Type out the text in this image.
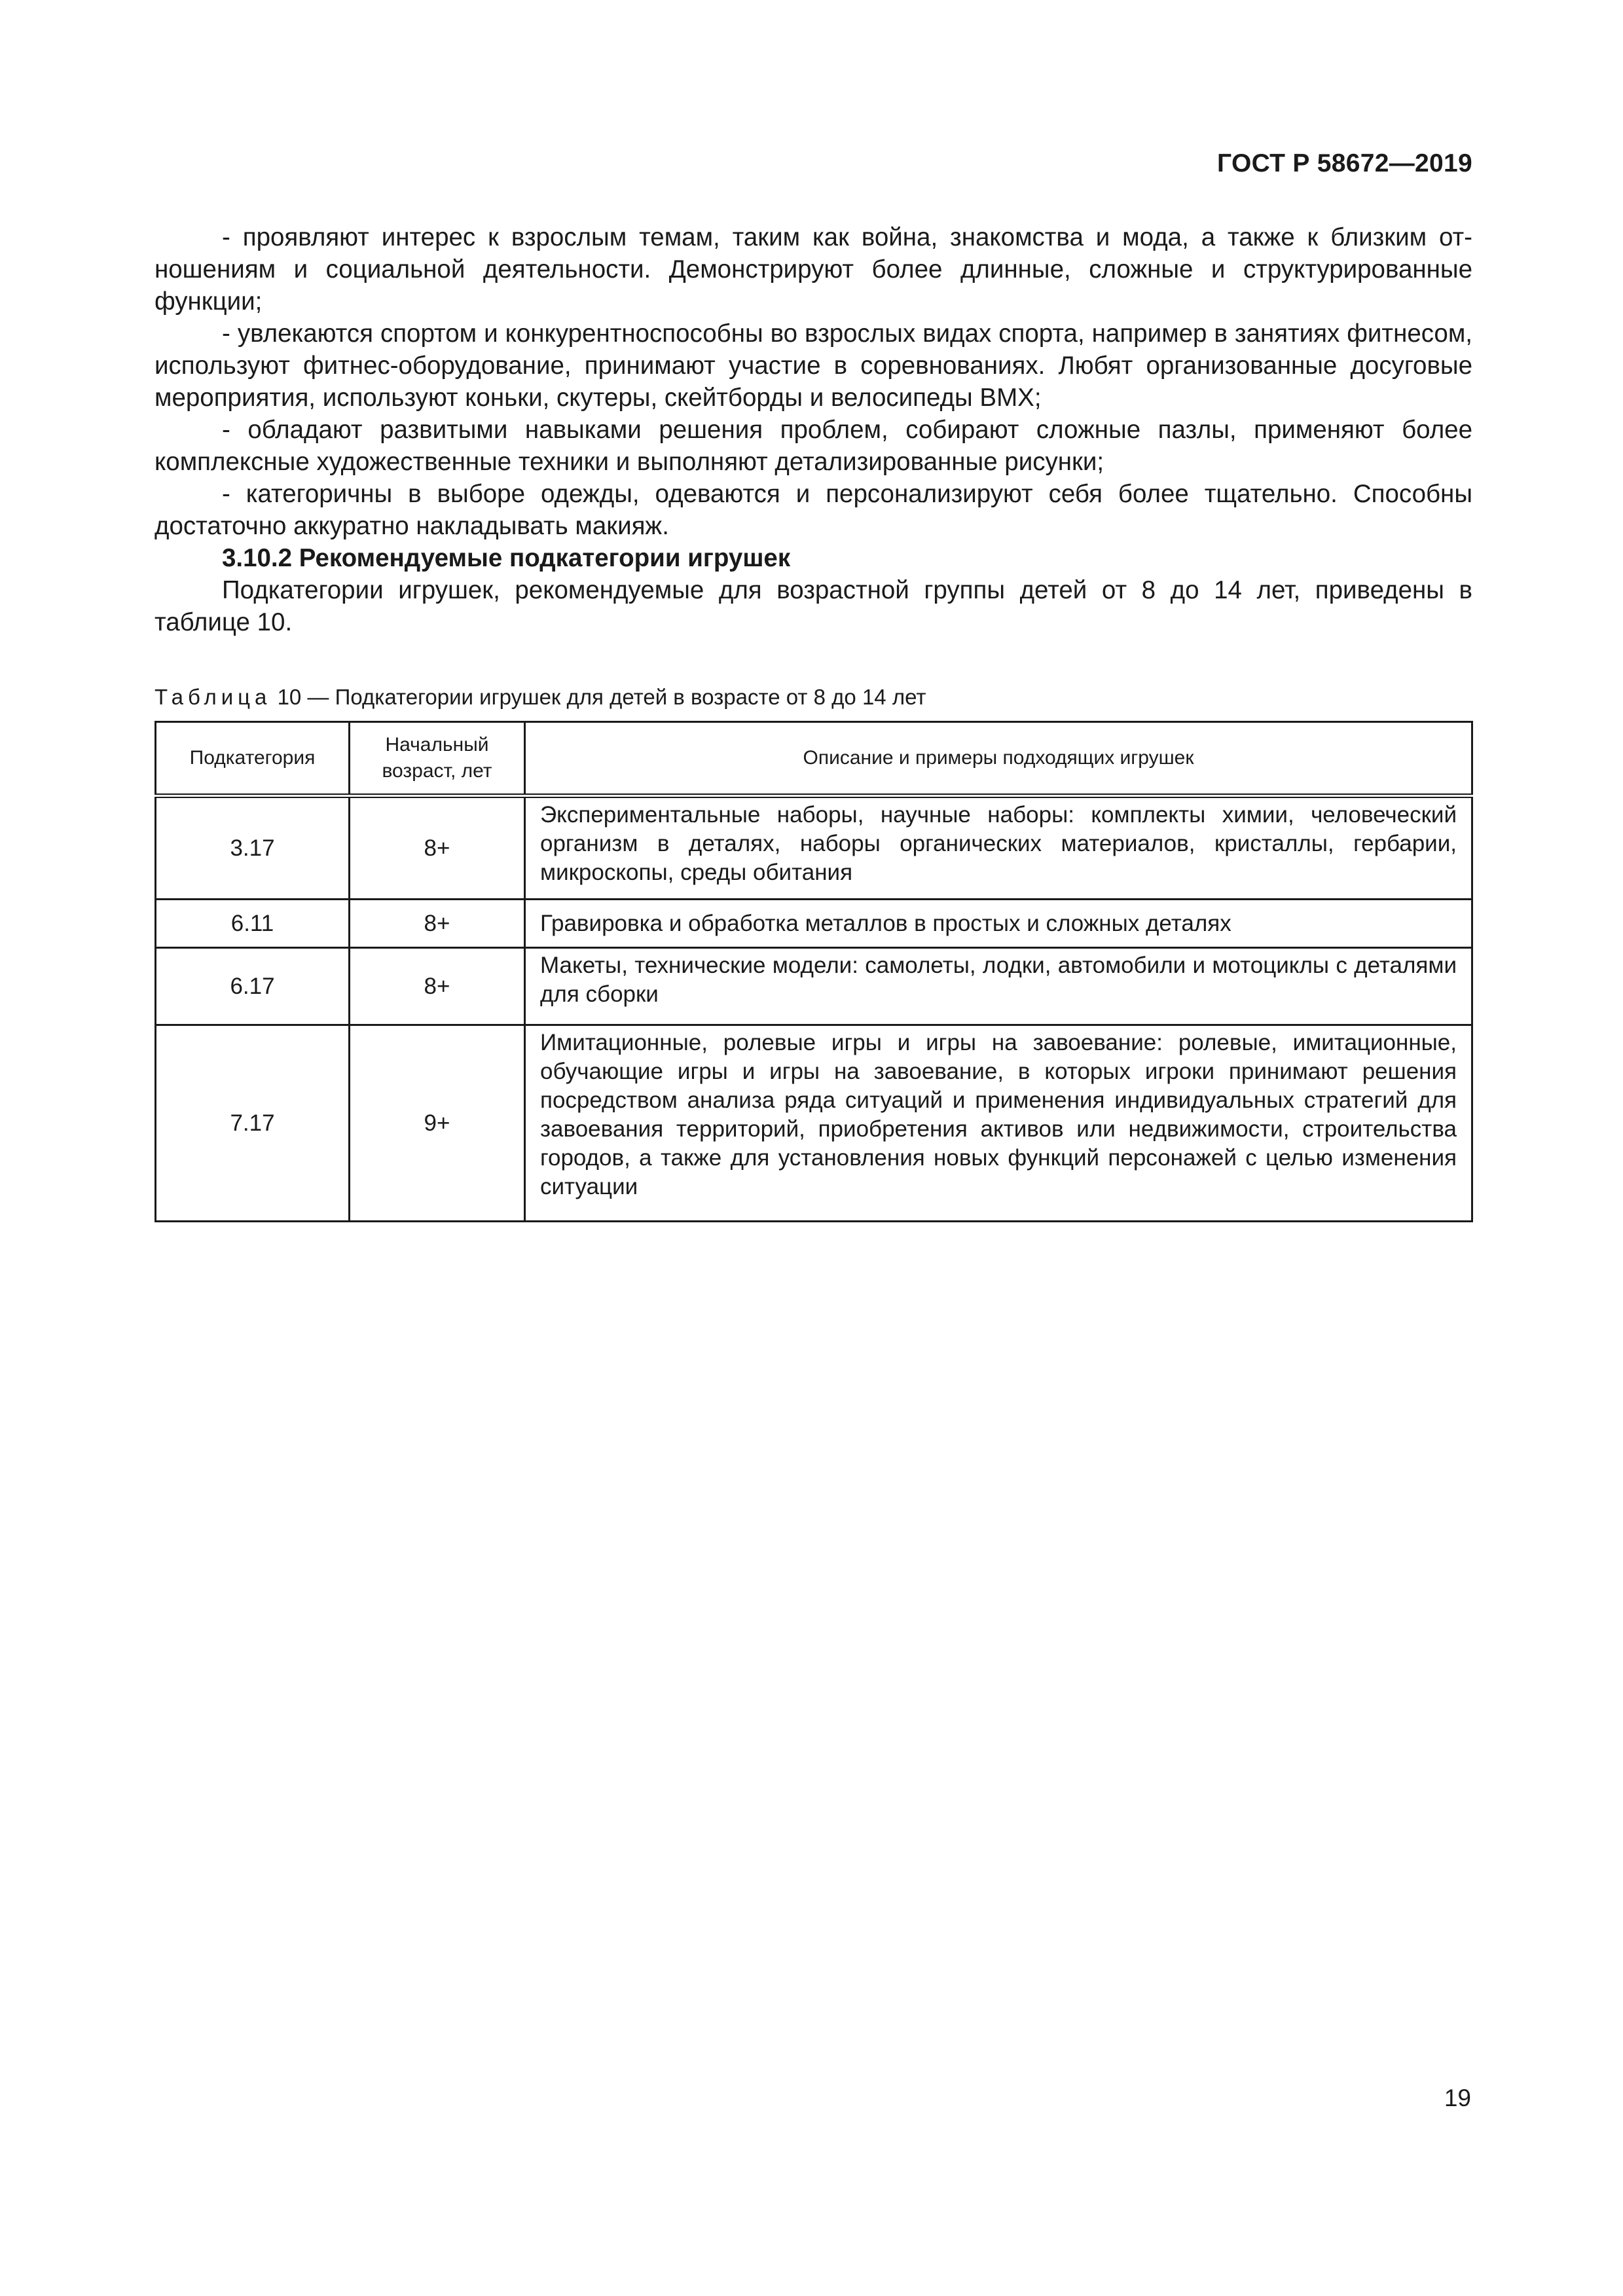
ГОСТ Р 58672—2019

- проявляют интерес к взрослым темам, таким как война, знакомства и мода, а также к близким отношениям и социальной деятельности. Демонстрируют более длинные, сложные и структурированные функции;

- увлекаются спортом и конкурентноспособны во взрослых видах спорта, например в занятиях фитнесом, используют фитнес-оборудование, принимают участие в соревнованиях. Любят организованные досуговые мероприятия, используют коньки, скутеры, скейтборды и велосипеды ВМХ;

- обладают развитыми навыками решения проблем, собирают сложные пазлы, применяют более комплексные художественные техники и выполняют детализированные рисунки;

- категоричны в выборе одежды, одеваются и персонализируют себя более тщательно. Способны достаточно аккуратно накладывать макияж.

3.10.2 Рекомендуемые подкатегории игрушек

Подкатегории игрушек, рекомендуемые для возрастной группы детей от 8 до 14 лет, приведены в таблице 10.

Таблица 10 — Подкатегории игрушек для детей в возрасте от 8 до 14 лет
Подкатегория	Начальный возраст, лет	Описание и примеры подходящих игрушек
3.17	8+	Экспериментальные наборы, научные наборы: комплекты химии, человеческий организм в деталях, наборы органических материалов, кристаллы, гербарии, микроскопы, среды обитания
6.11	8+	Гравировка и обработка металлов в простых и сложных деталях
6.17	8+	Макеты, технические модели: самолеты, лодки, автомобили и мотоциклы с деталями для сборки
7.17	9+	Имитационные, ролевые игры и игры на завоевание: ролевые, имитационные, обучающие игры и игры на завоевание, в которых игроки принимают решения посредством анализа ряда ситуаций и применения индивидуальных стратегий для завоевания территорий, приобретения активов или недвижимости, строительства городов, а также для установления новых функций персонажей с целью изменения ситуации
19
